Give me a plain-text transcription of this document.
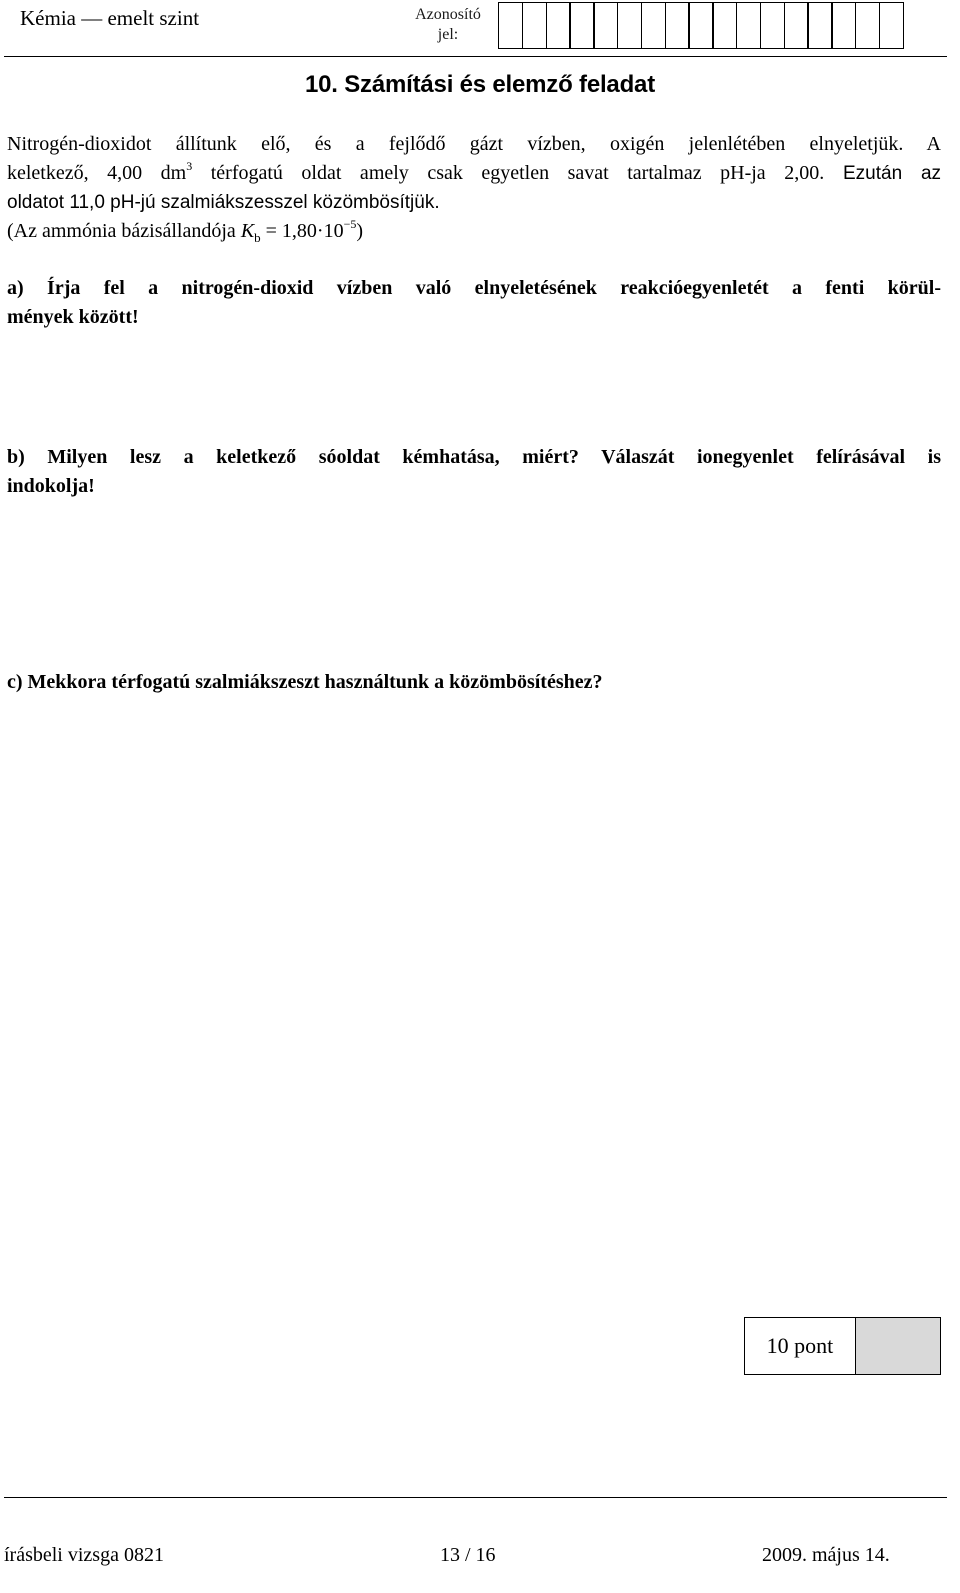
Kémia — emelt szint	Azonosító
jel:
10. Számítási és elemző feladat

Nitrogén-dioxidot állítunk elő, és a fejlődő gázt vízben, oxigén jelenlétében elnyeletjük. A

keletkező, 4,00 $dm^3$ térfogatú oldat amely csak egyetlen savat tartalmaz pH-ja 2,00. Ezután az

oldatot 11,0 pH-jú szalmiákszesszel közömbösítjük.

(Az ammónia bázisállandója $K_b = 1,80\cdot 10^{-5}$)

a) Írja fel a nitrogén-dioxid vízben való elnyeletésének reakcióegyenletét a fenti körül-
mények között!
b) Milyen lesz a keletkező sóoldat kémhatása, miért? Válaszát ionegyenlet felírásával is
indokolja!
c) Mekkora térfogatú szalmiákszeszt használtunk a közömbösítéshez?
10 pont
írásbeli vizsga 0821	13 / 16	2009. május 14.
